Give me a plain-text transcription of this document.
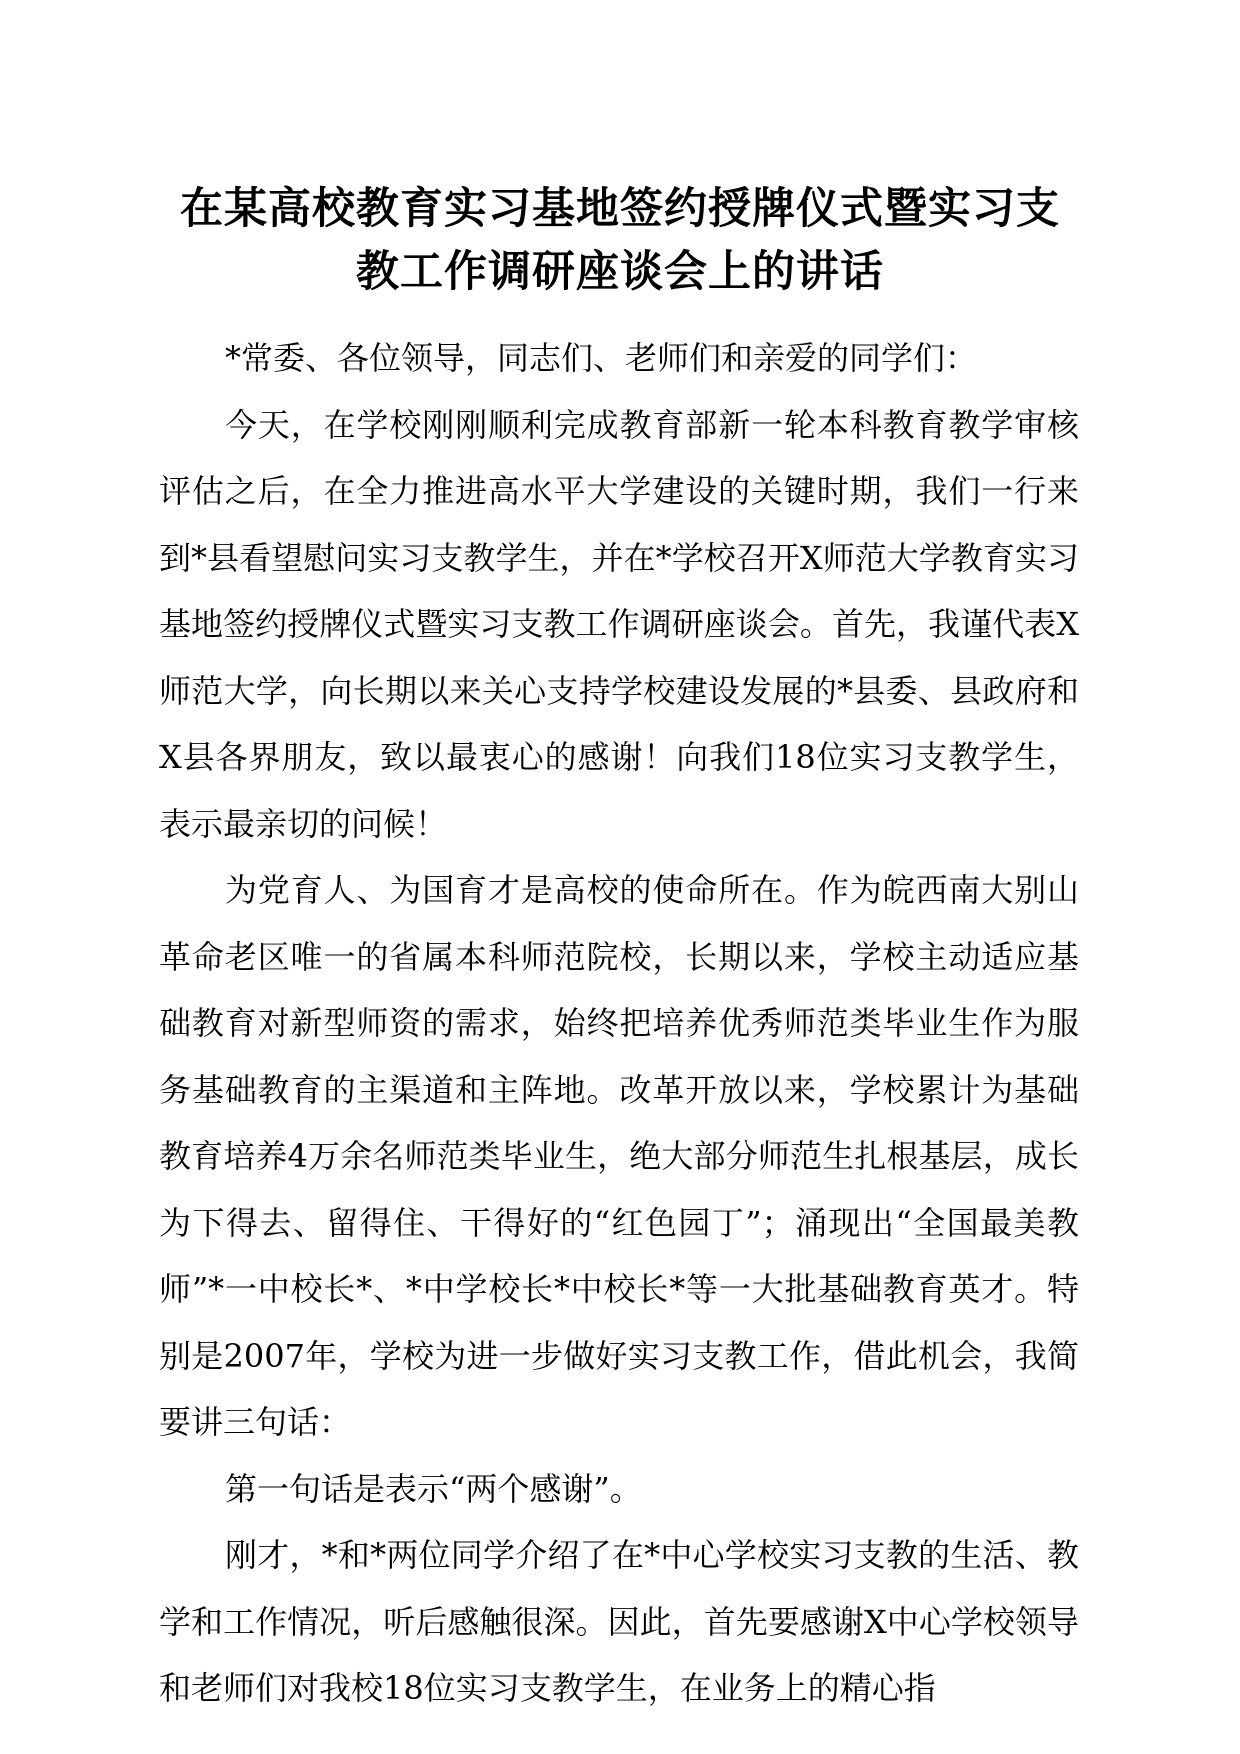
在某高校教育实习基地签约授牌仪式暨实习支
教工作调研座谈会上的讲话

*常委、各位领导，同志们、老师们和亲爱的同学们：

今天，在学校刚刚顺利完成教育部新一轮本科教育教学审核评估之后，在全力推进高水平大学建设的关键时期，我们一行来到*县看望慰问实习支教学生，并在*学校召开X师范大学教育实习基地签约授牌仪式暨实习支教工作调研座谈会。首先，我谨代表X师范大学，向长期以来关心支持学校建设发展的*县委、县政府和X县各界朋友，致以最衷心的感谢！向我们18位实习支教学生，表示最亲切的问候！

为党育人、为国育才是高校的使命所在。作为皖西南大别山革命老区唯一的省属本科师范院校，长期以来，学校主动适应基础教育对新型师资的需求，始终把培养优秀师范类毕业生作为服务基础教育的主渠道和主阵地。改革开放以来，学校累计为基础教育培养4万余名师范类毕业生，绝大部分师范生扎根基层，成长为下得去、留得住、干得好的“红色园丁”；涌现出“全国最美教师”*一中校长*、*中学校长*中校长*等一大批基础教育英才。特别是2007年，学校为进一步做好实习支教工作，借此机会，我简要讲三句话：

第一句话是表示“两个感谢”。

刚才，*和*两位同学介绍了在*中心学校实习支教的生活、教学和工作情况，听后感触很深。因此，首先要感谢X中心学校领导和老师们对我校18位实习支教学生，在业务上的精心指
